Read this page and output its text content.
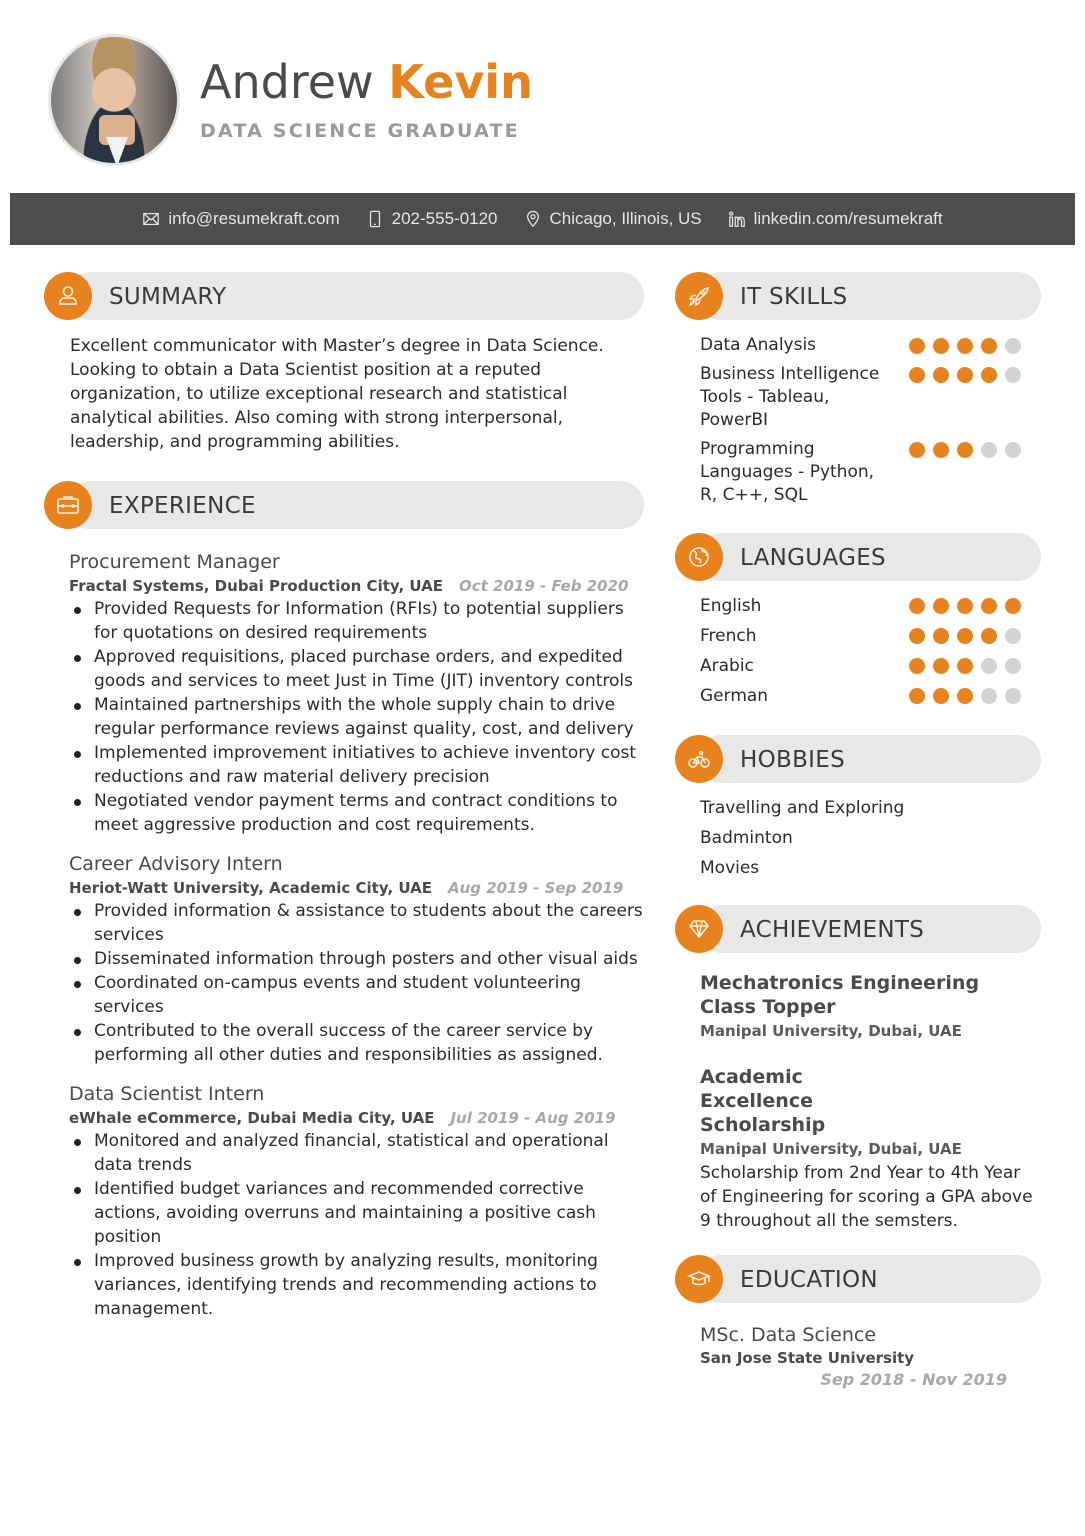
Andrew Kevin
DATA SCIENCE GRADUATE
info@resumekraft.com	202-555-0120	Chicago, Illinois, US	linkedin.com/resumekraft
SUMMARY

Excellent communicator with Master’s degree in Data Science. Looking to obtain a Data Scientist position at a reputed organization, to utilize exceptional research and statistical analytical abilities. Also coming with strong interpersonal, leadership, and programming abilities.

EXPERIENCE
Procurement Manager
Fractal Systems, Dubai Production City, UAE Oct 2019 - Feb 2020
Provided Requests for Information (RFIs) to potential suppliers for quotations on desired requirements
Approved requisitions, placed purchase orders, and expedited goods and services to meet Just in Time (JIT) inventory controls
Maintained partnerships with the whole supply chain to drive regular performance reviews against quality, cost, and delivery
Implemented improvement initiatives to achieve inventory cost reductions and raw material delivery precision
Negotiated vendor payment terms and contract conditions to meet aggressive production and cost requirements.
Career Advisory Intern
Heriot-Watt University, Academic City, UAE Aug 2019 - Sep 2019
Provided information & assistance to students about the careers services
Disseminated information through posters and other visual aids
Coordinated on-campus events and student volunteering services
Contributed to the overall success of the career service by performing all other duties and responsibilities as assigned.
Data Scientist Intern
eWhale eCommerce, Dubai Media City, UAE Jul 2019 - Aug 2019
Monitored and analyzed financial, statistical and operational data trends
Identified budget variances and recommended corrective actions, avoiding overruns and maintaining a positive cash position
Improved business growth by analyzing results, monitoring variances, identifying trends and recommending actions to management.
IT SKILLS
Data Analysis
Business Intelligence Tools - Tableau, PowerBI
Programming Languages - Python, R, C++, SQL
LANGUAGES
English
French
Arabic
German
HOBBIES
Travelling and Exploring
Badminton
Movies
ACHIEVEMENTS
Mechatronics Engineering Class Topper
Manipal University, Dubai, UAE
Academic Excellence Scholarship
Manipal University, Dubai, UAE
Scholarship from 2nd Year to 4th Year of Engineering for scoring a GPA above 9 throughout all the semsters.
EDUCATION
MSc. Data Science
San Jose State University
Sep 2018 - Nov 2019
